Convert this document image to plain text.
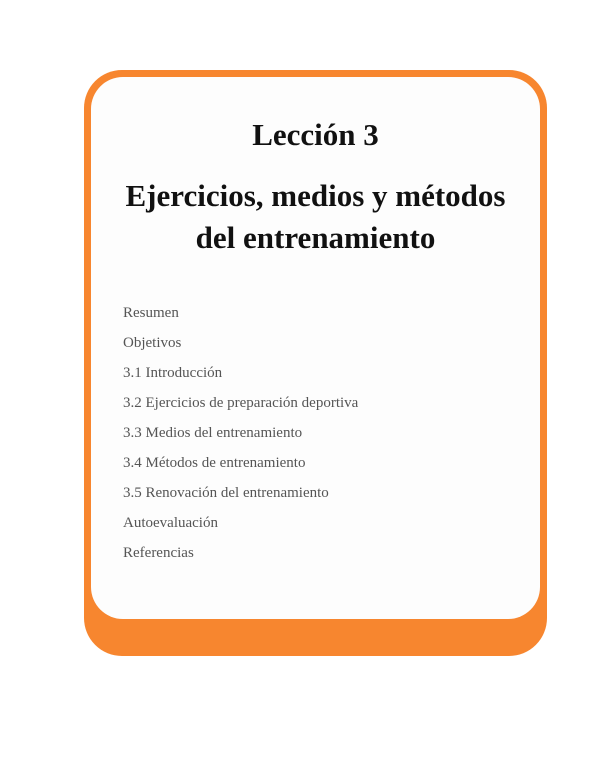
Lección 3
Ejercicios, medios y métodos
del entrenamiento
Resumen
Objetivos
3.1 Introducción
3.2 Ejercicios de preparación deportiva
3.3 Medios del entrenamiento
3.4 Métodos de entrenamiento
3.5 Renovación del entrenamiento
Autoevaluación
Referencias
